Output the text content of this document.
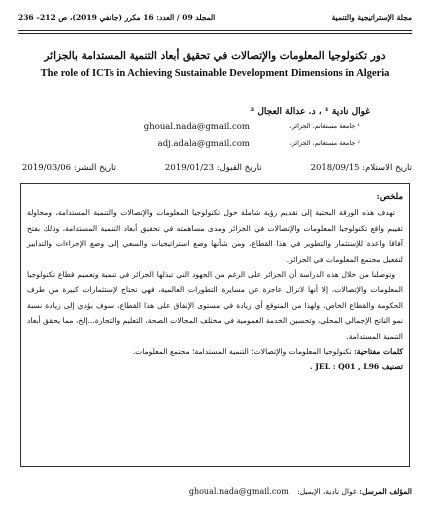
مجلة الإستراتيجية والتنمية
المجلد 09 / العدد: 16 مكرر (جانفي 2019)، ص 212– 236
دور تكنولوجيا المعلومات والإتصالات في تحقيق أبعاد التنمية المستدامة بالجزائر
The role of ICTs in Achieving Sustainable Development Dimensions in Algeria
غوال نادية ¹ ، د. عدالة العجال ²
¹ جامعة مستغانم، الجزائر،
ghoual.nada@gmail.com
² جامعة مستغانم، الجزائر،
adj.adala@gmail.com
تاريخ الاستلام: 2018/09/15
تاريخ القبول: 2019/01/23
تاريخ النشر: 2019/03/06
ملخص:
تهدف هذه الورقة البحثية إلى تقديم رؤية شاملة حول تكنولوجيا المعلومات والإتصالات والتنمية المستدامة، ومحاولة تقييم واقع تكنولوجيا المعلومات والإتصالات في الجزائر ومدى مساهمته في تحقيق أبعاد التنمية المستدامة، وذلك بفتح آفاقا واعدة للإستثمار والتطوير في هذا القطاع، ومن شأنها وضع استراتيجيات والسعي إلى وضع الإجراءات والتدابير لتفعيل مجتمع المعلومات في الجزائر.
وتوصلنا من خلال هذه الدراسة أن الجزائر على الرغم من الجهود التي تبذلها الجزائر في تنمية وتعميم قطاع تكنولوجيا المعلومات والإتصالات، إلا أنها لاتزال عاجزة عن مسايرة التطورات العالمية، فهي تحتاج لإستثمارات كبيرة من طرف الحكومة والقطاع الخاص، ولهذا من المتوقع أي زيادة في مستوى الإنفاق على هذا القطاع، سوف يؤدي إلى زيادة نسبة نمو الناتج الإجمالي المحلي، وتحسين الخدمة العمومية في مختلف المجالات الصحة، التعليم والتجارة...إلخ، مما يحقق أبعاد التنمية المستدامة.
كلمات مفتاحية: تكنولوجيا المعلومات والإتصالات؛ التنمية المستدامة؛ مجتمع المعلومات.
تصنيف JEL : Q01 , L96 .
المؤلف المرسل: غوال نادية، الإيميل: ghoual.nada@gmail.com
